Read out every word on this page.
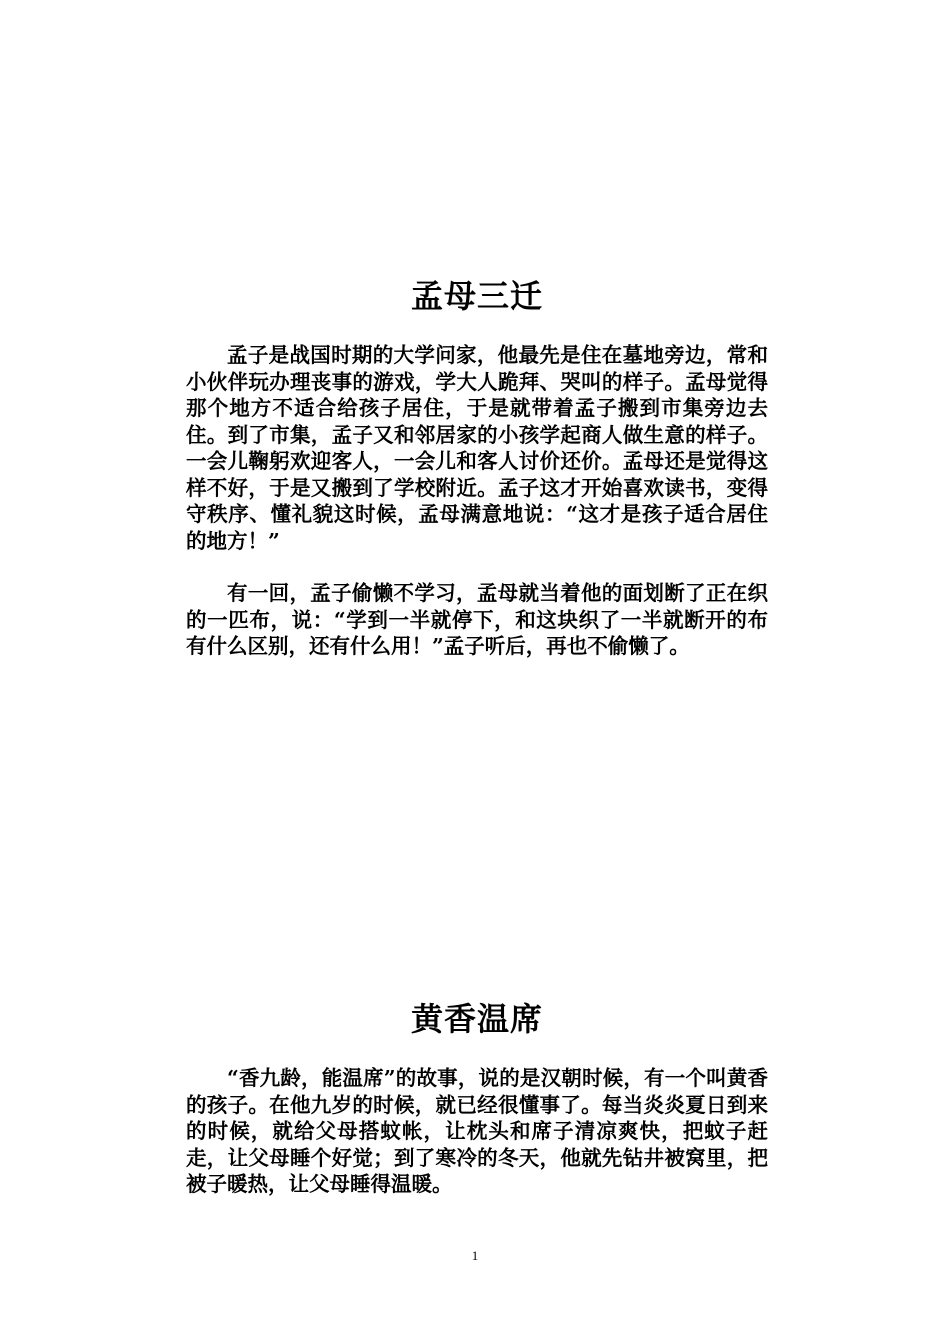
孟母三迁

孟子是战国时期的大学问家，他最先是住在墓地旁边，常和小伙伴玩办理丧事的游戏，学大人跪拜、哭叫的样子。孟母觉得那个地方不适合给孩子居住，于是就带着孟子搬到市集旁边去住。到了市集，孟子又和邻居家的小孩学起商人做生意的样子。一会儿鞠躬欢迎客人，一会儿和客人讨价还价。孟母还是觉得这样不好，于是又搬到了学校附近。孟子这才开始喜欢读书，变得守秩序、懂礼貌这时候，孟母满意地说：“这才是孩子适合居住的地方！”

有一回，孟子偷懒不学习，孟母就当着他的面划断了正在织的一匹布，说：“学到一半就停下，和这块织了一半就断开的布有什么区别，还有什么用！”孟子听后，再也不偷懒了。

黄香温席

“香九龄，能温席”的故事，说的是汉朝时候，有一个叫黄香的孩子。在他九岁的时候，就已经很懂事了。每当炎炎夏日到来的时候，就给父母搭蚊帐，让枕头和席子清凉爽快，把蚊子赶走，让父母睡个好觉；到了寒冷的冬天，他就先钻井被窝里，把被子暖热，让父母睡得温暖。

1
